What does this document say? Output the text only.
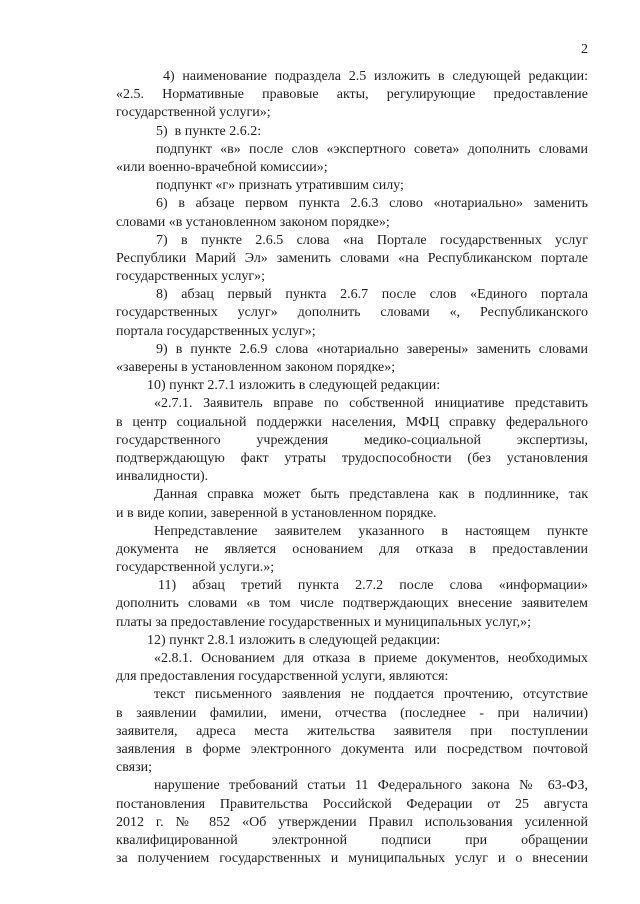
2
4) наименование подраздела 2.5 изложить в следующей редакции:
«2.5. Нормативные правовые акты, регулирующие предоставление
государственной услуги»;
5)  в пункте 2.6.2:
подпункт «в» после слов «экспертного совета» дополнить словами
«или военно-врачебной комиссии»;
подпункт «г» признать утратившим силу;
6) в абзаце первом пункта 2.6.3 слово «нотариально» заменить
словами «в установленном законом порядке»;
7) в пункте 2.6.5 слова «на Портале государственных услуг
Республики Марий Эл» заменить словами «на Республиканском портале
государственных услуг»;
8) абзац первый пункта 2.6.7 после слов «Единого портала
государственных услуг» дополнить словами «, Республиканского
портала государственных услуг»;
9) в пункте 2.6.9 слова «нотариально заверены» заменить словами
«заверены в установленном законом порядке»;
10) пункт 2.7.1 изложить в следующей редакции:
«2.7.1. Заявитель вправе по собственной инициативе представить
в центр социальной поддержки населения, МФЦ справку федерального
государственного учреждения медико-социальной экспертизы,
подтверждающую факт утраты трудоспособности (без установления
инвалидности).
Данная справка может быть представлена как в подлиннике, так
и в виде копии, заверенной в установленном порядке.
Непредставление заявителем указанного в настоящем пункте
документа не является основанием для отказа в предоставлении
государственной услуги.»;
11) абзац третий пункта 2.7.2 после слова «информации»
дополнить словами «в том числе подтверждающих внесение заявителем
платы за предоставление государственных и муниципальных услуг,»;
12) пункт 2.8.1 изложить в следующей редакции:
«2.8.1. Основанием для отказа в приеме документов, необходимых
для предоставления государственной услуги, являются:
текст письменного заявления не поддается прочтению, отсутствие
в заявлении фамилии, имени, отчества (последнее - при наличии)
заявителя, адреса места жительства заявителя при поступлении
заявления в форме электронного документа или посредством почтовой
связи;
нарушение требований статьи 11 Федерального закона № 63-ФЗ,
постановления Правительства Российской Федерации от 25 августа
2012 г. № 852 «Об утверждении Правил использования усиленной
квалифицированной электронной подписи при обращении
за получением государственных и муниципальных услуг и о внесении
